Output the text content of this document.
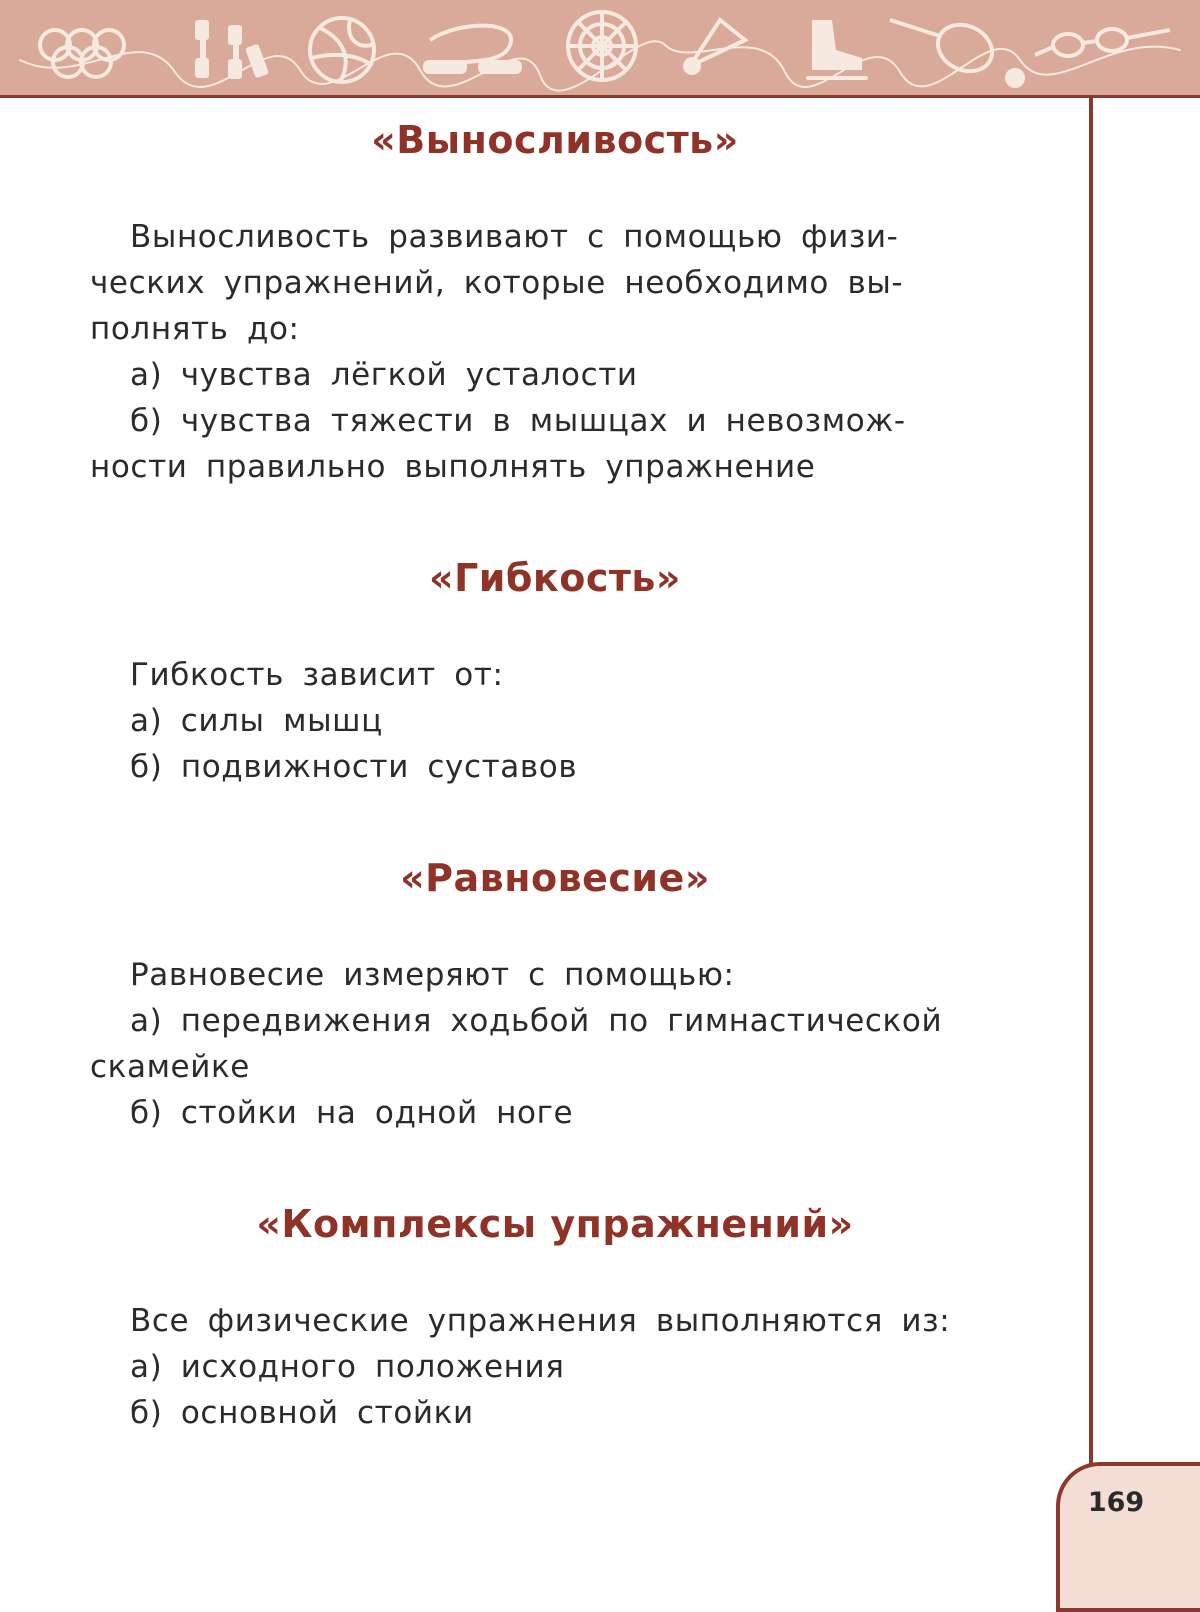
«Выносливость»

Выносливость развивают с помощью физи-
ческих упражнений, которые необходимо вы-
полнять до:
а) чувства лёгкой усталости
б) чувства тяжести в мышцах и невозмож-
ности правильно выполнять упражнение

«Гибкость»

Гибкость зависит от:
а) силы мышц
б) подвижности суставов

«Равновесие»

Равновесие измеряют с помощью:
а) передвижения ходьбой по гимнастической
скамейке
б) стойки на одной ноге

«Комплексы упражнений»

Все физические упражнения выполняются из:
а) исходного положения
б) основной стойки

169
